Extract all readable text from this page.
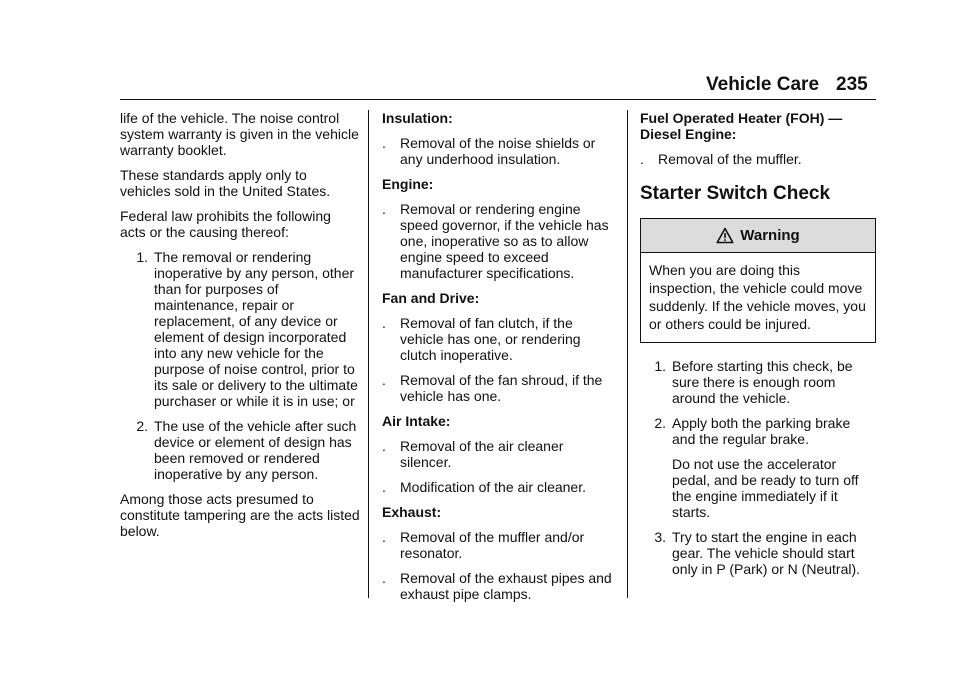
Vehicle Care 235

life of the vehicle. The noise control system warranty is given in the vehicle warranty booklet.

These standards apply only to vehicles sold in the United States.

Federal law prohibits the following acts or the causing thereof:

1. The removal or rendering inoperative by any person, other than for purposes of maintenance, repair or replacement, of any device or element of design incorporated into any new vehicle for the purpose of noise control, prior to its sale or delivery to the ultimate purchaser or while it is in use; or
2. The use of the vehicle after such device or element of design has been removed or rendered inoperative by any person.

Among those acts presumed to constitute tampering are the acts listed below.

Insulation:
.	Removal of the noise shields or any underhood insulation.
Engine:
.	Removal or rendering engine speed governor, if the vehicle has one, inoperative so as to allow engine speed to exceed manufacturer specifications.
Fan and Drive:
.	Removal of fan clutch, if the vehicle has one, or rendering clutch inoperative.
.	Removal of the fan shroud, if the vehicle has one.
Air Intake:
.	Removal of the air cleaner silencer.
.	Modification of the air cleaner.
Exhaust:
.	Removal of the muffler and/or resonator.
.	Removal of the exhaust pipes and exhaust pipe clamps.
Fuel Operated Heater (FOH) — Diesel Engine:
.	Removal of the muffler.
Starter Switch Check
Warning
When you are doing this inspection, the vehicle could move suddenly. If the vehicle moves, you or others could be injured.
1. Before starting this check, be sure there is enough room around the vehicle.
2. Apply both the parking brake and the regular brake.

Do not use the accelerator pedal, and be ready to turn off the engine immediately if it starts.

3. Try to start the engine in each gear. The vehicle should start only in P (Park) or N (Neutral).
